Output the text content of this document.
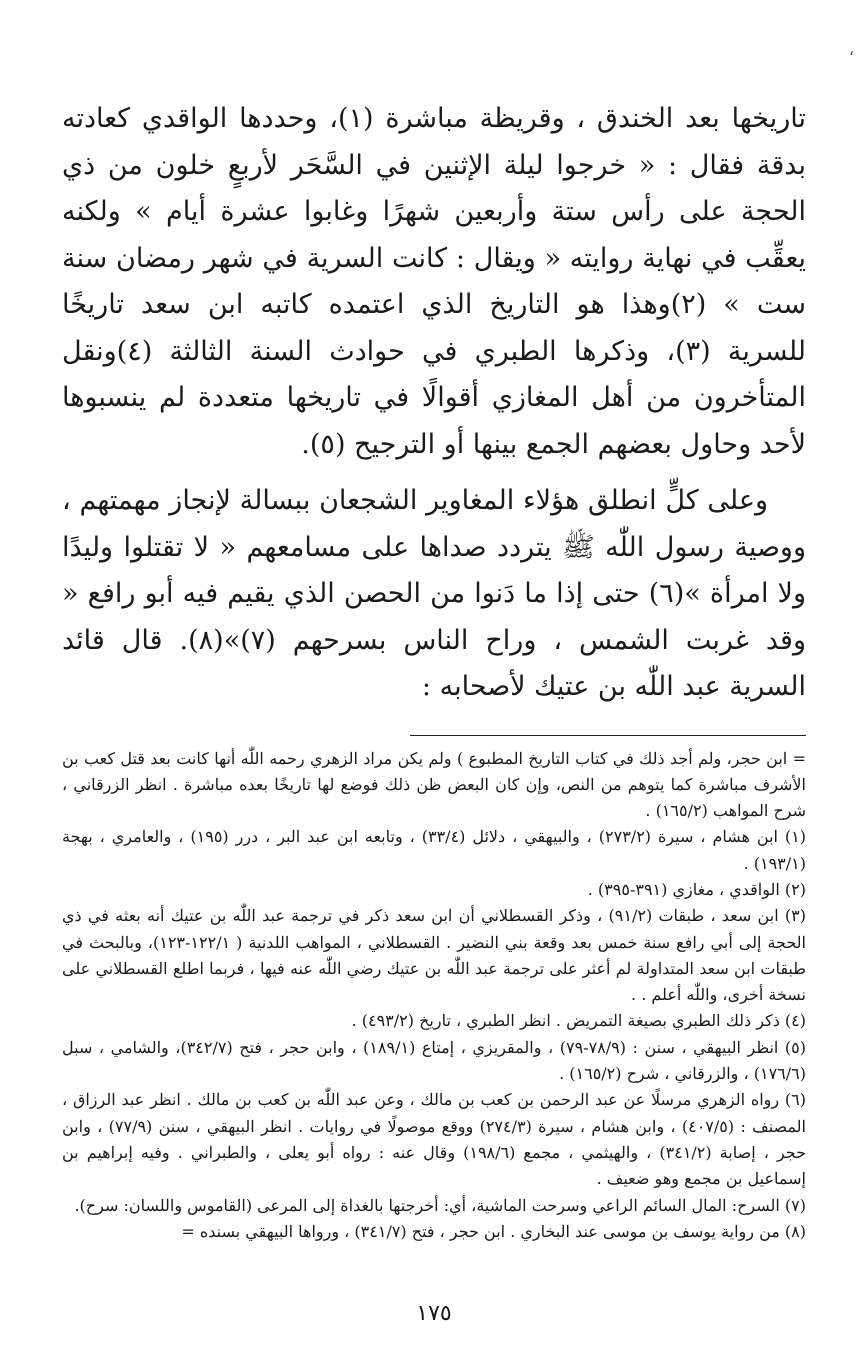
،

تاريخها بعد الخندق ، وقريظة مباشرة (١)، وحددها الواقدي كعادته بدقة فقال : « خرجوا ليلة الإثنين في السَّحَر لأربعٍ خلون من ذي الحجة على رأس ستة وأربعين شهرًا وغابوا عشرة أيام » ولكنه يعقِّب في نهاية روايته « ويقال : كانت السرية في شهر رمضان سنة ست » (٢)وهذا هو التاريخ الذي اعتمده كاتبه ابن سعد تاريخًا للسرية (٣)، وذكرها الطبري في حوادث السنة الثالثة (٤)ونقل المتأخرون من أهل المغازي أقوالًا في تاريخها متعددة لم ينسبوها لأحد وحاول بعضهم الجمع بينها أو الترجيح (٥).

وعلى كلٍّ انطلق هؤلاء المغاوير الشجعان ببسالة لإنجاز مهمتهم ، ووصية رسول اللّٰه ﷺ يتردد صداها على مسامعهم « لا تقتلوا وليدًا ولا امرأة »(٦) حتى إذا ما دَنوا من الحصن الذي يقيم فيه أبو رافع « وقد غربت الشمس ، وراح الناس بسرحهم (٧)»(٨). قال قائد السرية عبد اللّٰه بن عتيك لأصحابه :

= ابن حجر، ولم أجد ذلك في كتاب التاريخ المطبوع ) ولم يكن مراد الزهري رحمه اللّٰه أنها كانت بعد قتل كعب بن الأشرف مباشرة كما يتوهم من النص، وإن كان البعض ظن ذلك فوضع لها تاريخًا بعده مباشرة . انظر الزرقاني ، شرح المواهب (١٦٥/٢) .

(١) ابن هشام ، سيرة (٢٧٣/٢) ، والبيهقي ، دلائل (٣٣/٤) ، وتابعه ابن عبد البر ، درر (١٩٥) ، والعامري ، بهجة (١٩٣/١) .

(٢) الواقدي ، مغازي (٣٩١-٣٩٥) .

(٣) ابن سعد ، طبقات (٩١/٢) ، وذكر القسطلاني أن ابن سعد ذكر في ترجمة عبد اللّٰه بن عتيك أنه بعثه في ذي الحجة إلى أبي رافع سنة خمس بعد وقعة بني النضير . القسطلاني ، المواهب اللدنية ( ١٢٢/١-١٢٣)، وبالبحث في طبقات ابن سعد المتداولة لم أعثر على ترجمة عبد اللّٰه بن عتيك رضي اللّٰه عنه فيها ، فربما اطلع القسطلاني على نسخة أخرى، واللّٰه أعلم . .

(٤) ذكر ذلك الطبري بصيغة التمريض . انظر الطبري ، تاريخ (٤٩٣/٢) .

(٥) انظر البيهقي ، سنن : (٧٨/٩-٧٩) ، والمقريزي ، إمتاع (١٨٩/١) ، وابن حجر ، فتح (٣٤٢/٧)، والشامي ، سبل (١٧٦/٦) ، والزرقاني ، شرح (١٦٥/٢) .

(٦) رواه الزهري مرسلًا عن عبد الرحمن بن كعب بن مالك ، وعن عبد اللّٰه بن كعب بن مالك . انظر عبد الرزاق ، المصنف : (٤٠٧/٥) ، وابن هشام ، سيرة (٢٧٤/٣) ووقع موصولًا في روايات . انظر البيهقي ، سنن (٧٧/٩) ، وابن حجر ، إصابة (٣٤١/٢) ، والهيثمي ، مجمع (١٩٨/٦) وقال عنه : رواه أبو يعلى ، والطبراني . وفيه إبراهيم بن إسماعيل بن مجمع وهو ضعيف .

(٧) السرح: المال السائم الراعي وسرحت الماشية، أي: أخرجتها بالغداة إلى المرعى (القاموس واللسان: سرح).

(٨) من رواية يوسف بن موسى عند البخاري . ابن حجر ، فتح (٣٤١/٧) ، ورواها البيهقي بسنده =

١٧٥
